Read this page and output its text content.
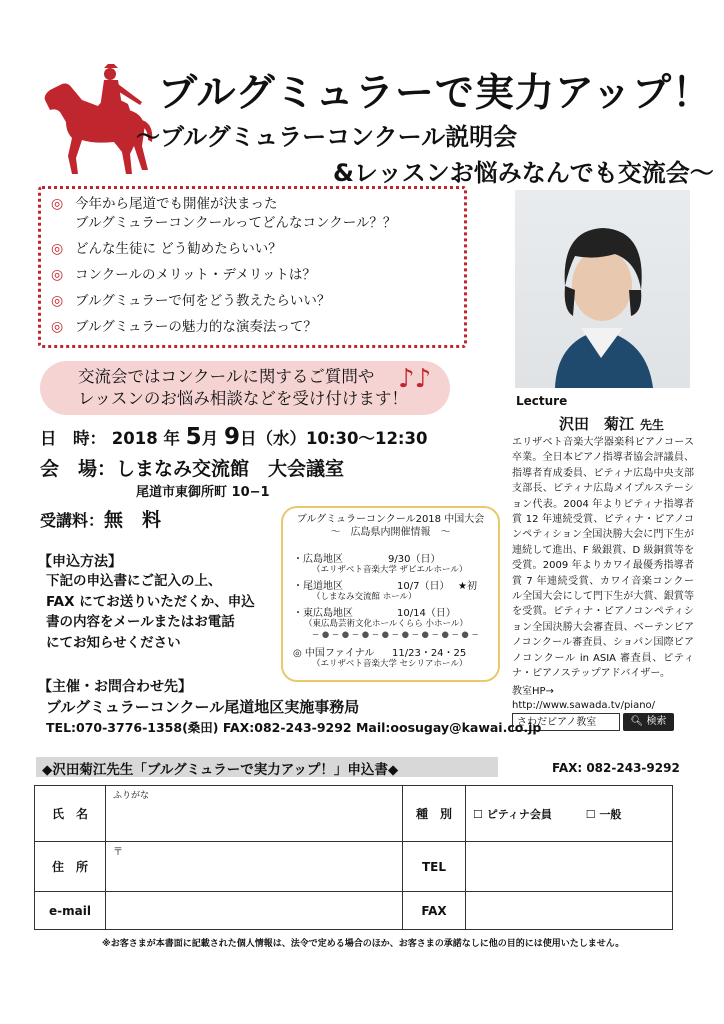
ブルグミュラーで実力アップ！
〜ブルグミュラーコンクール説明会
&レッスンお悩みなんでも交流会〜
◎ 今年から尾道でも開催が決まった
ブルグミュラーコンクールってどんなコンクール？？
◎ どんな生徒に どう勧めたらいい？
◎ コンクールのメリット・デメリットは？
◎ ブルグミュラーで何をどう教えたらいい？
◎ ブルグミュラーの魅力的な演奏法って？
交流会ではコンクールに関するご質問や
レッスンのお悩み相談などを受け付けます！
♪♪
Lecture
沢田　菊江 先生
エリザベト音楽大学器楽科ピアノコース卒業。全日本ピアノ指導者協会評議員、指導者育成委員、ピティナ広島中央支部支部長、ピティナ広島メイプルステーション代表。2004 年よりピティナ指導者賞 12 年連続受賞、ピティナ・ピアノコンペティション全国決勝大会に門下生が連続して進出、F 級銀賞、D 級銅賞等を受賞。2009 年よりカワイ最優秀指導者賞 7 年連続受賞、カワイ音楽コンクール全国大会にして門下生が大賞、銀賞等を受賞。ピティナ・ピアノコンペティション全国決勝大会審査員、ベーテンピアノコンクール審査員、ショパン国際ピアノコンクール in ASIA 審査員、ピティナ・ピアノステップアドバイザー。
教室HP→
http://www.sawada.tv/piano/
さわだピアノ教室	🔍︎ 検索
日　時： 2018 年 5月 9日（水）10:30〜12:30
会　場：しまなみ交流館　大会議室
尾道市東御所町 10−1
受講料：無　料	ブルグミュラーコンクール2018 中国大会
〜　広島県内開催情報　〜
・広島地区	9/30（日）
（エリザベト音楽大学 ザビエルホール）
・尾道地区	10/7（日） ★初
（しまなみ交流館 ホール）
・東広島地区	10/14（日）
（東広島芸術文化ホールくらら 小ホール）
− ● − ● − ● − ● − ● − ● − ● − ● −
◎ 中国ファイナル 11/23・24・25
（エリザベト音楽大学 セシリアホール）
【申込方法】
下記の申込書にご記入の上、
FAX にてお送りいただくか、申込
書の内容をメールまたはお電話
にてお知らせください
【主催・お問合わせ先】
ブルグミュラーコンクール尾道地区実施事務局
TEL:070-3776-1358(桑田) FAX:082-243-9292 Mail:oosugay@kawai.co.jp
◆沢田菊江先生「ブルグミュラーで実力アップ！」申込書◆	FAX: 082-243-9292
氏　名	ふりがな	種　別	☐ ピティナ会員 ☐ 一般
住　所	〒	TEL	

e-mail		FAX	
※お客さまが本書面に記載された個人情報は、法令で定める場合のほか、お客さまの承諾なしに他の目的には使用いたしません。
